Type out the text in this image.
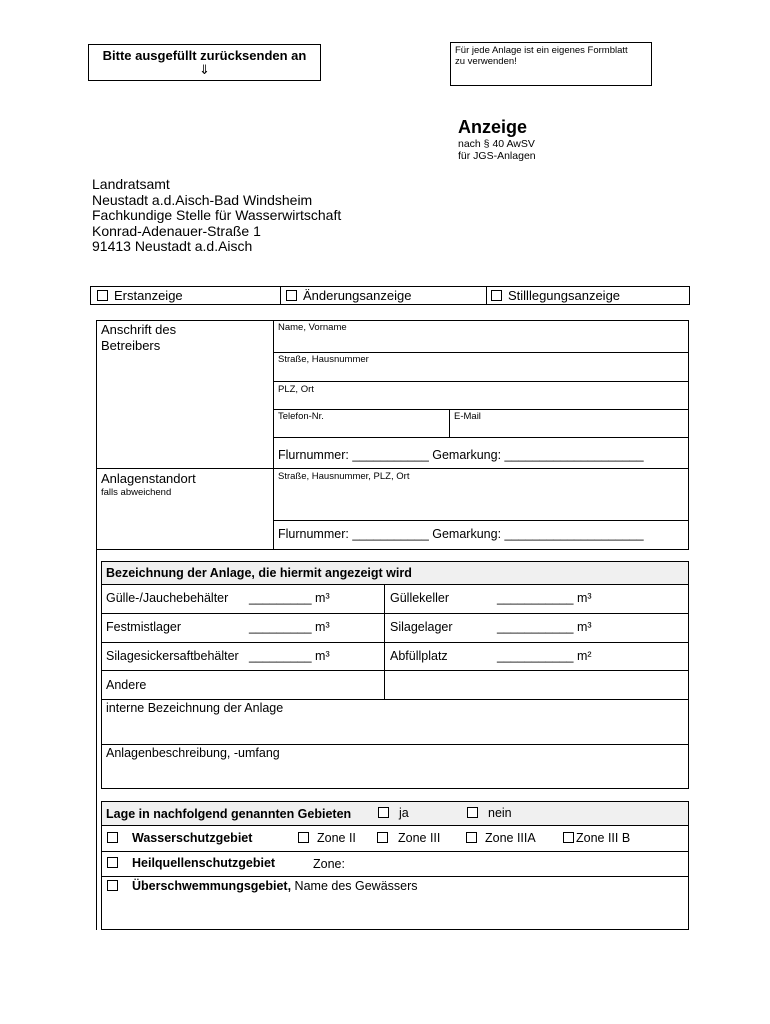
Bitte ausgefüllt zurücksenden an
⇓
Für jede Anlage ist ein eigenes Formblatt
zu verwenden!
Anzeige
nach § 40 AwSV
für JGS-Anlagen
Landratsamt
Neustadt a.d.Aisch-Bad Windsheim
Fachkundige Stelle für Wasserwirtschaft
Konrad-Adenauer-Straße 1
91413 Neustadt a.d.Aisch
Erstanzeige	Änderungsanzeige	Stilllegungsanzeige
Anschrift des
Betreibers
Name, Vorname
Straße, Hausnummer
PLZ, Ort
Telefon-Nr.	E-Mail
Flurnummer: ___________ Gemarkung: ____________________
Anlagenstandort
falls abweichend
Straße, Hausnummer, PLZ, Ort
Flurnummer: ___________ Gemarkung: ____________________
Bezeichnung der Anlage, die hiermit angezeigt wird
Gülle-/Jauchebehälter _________ m³	Güllekeller	___________ m³
Festmistlager	_________ m³	Silagelager	___________ m³
Silagesickersaftbehälter _________ m³	Abfüllplatz	___________ m²
Andere
interne Bezeichnung der Anlage
Anlagenbeschreibung, -umfang
Lage in nachfolgend genannten Gebieten	ja	nein
Wasserschutzgebiet	Zone II	Zone III	Zone IIIA	Zone III B
Heilquellenschutzgebiet	Zone:
Überschwemmungsgebiet, Name des Gewässers
